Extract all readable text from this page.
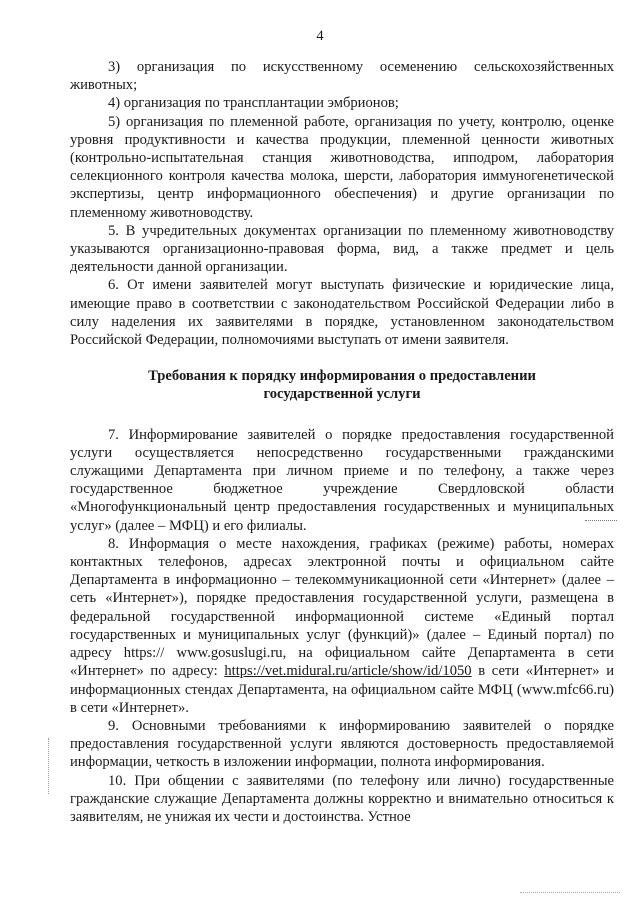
4

3) организация по искусственному осеменению сельскохозяйственных животных;

4) организация по трансплантации эмбрионов;

5) организация по племенной работе, организация по учету, контролю, оценке уровня продуктивности и качества продукции, племенной ценности животных (контрольно-испытательная станция животноводства, ипподром, лаборатория селекционного контроля качества молока, шерсти, лаборатория иммуногенетической экспертизы, центр информационного обеспечения) и другие организации по племенному животноводству.

5. В учредительных документах организации по племенному животноводству указываются организационно-правовая форма, вид, а также предмет и цель деятельности данной организации.

6. От имени заявителей могут выступать физические и юридические лица, имеющие право в соответствии с законодательством Российской Федерации либо в силу наделения их заявителями в порядке, установленном законодательством Российской Федерации, полномочиями выступать от имени заявителя.

Требования к порядку информирования о предоставлении
государственной услуги

7. Информирование заявителей о порядке предоставления государственной услуги осуществляется непосредственно государственными гражданскими служащими Департамента при личном приеме и по телефону, а также через государственное бюджетное учреждение Свердловской области «Многофункциональный центр предоставления государственных и муниципальных услуг» (далее – МФЦ) и его филиалы.

8. Информация о месте нахождения, графиках (режиме) работы, номерах контактных телефонов, адресах электронной почты и официальном сайте Департамента в информационно – телекоммуникационной сети «Интернет» (далее – сеть «Интернет»), порядке предоставления государственной услуги, размещена в федеральной государственной информационной системе «Единый портал государственных и муниципальных услуг (функций)» (далее – Единый портал) по адресу https:// www.gosuslugi.ru, на официальном сайте Департамента в сети «Интернет» по адресу: https://vet.midural.ru/article/show/id/1050 в сети «Интернет» и информационных стендах Департамента, на официальном сайте МФЦ (www.mfc66.ru) в сети «Интернет».

9. Основными требованиями к информированию заявителей о порядке предоставления государственной услуги являются достоверность предоставляемой информации, четкость в изложении информации, полнота информирования.

10. При общении с заявителями (по телефону или лично) государственные гражданские служащие Департамента должны корректно и внимательно относиться к заявителям, не унижая их чести и достоинства. Устное
